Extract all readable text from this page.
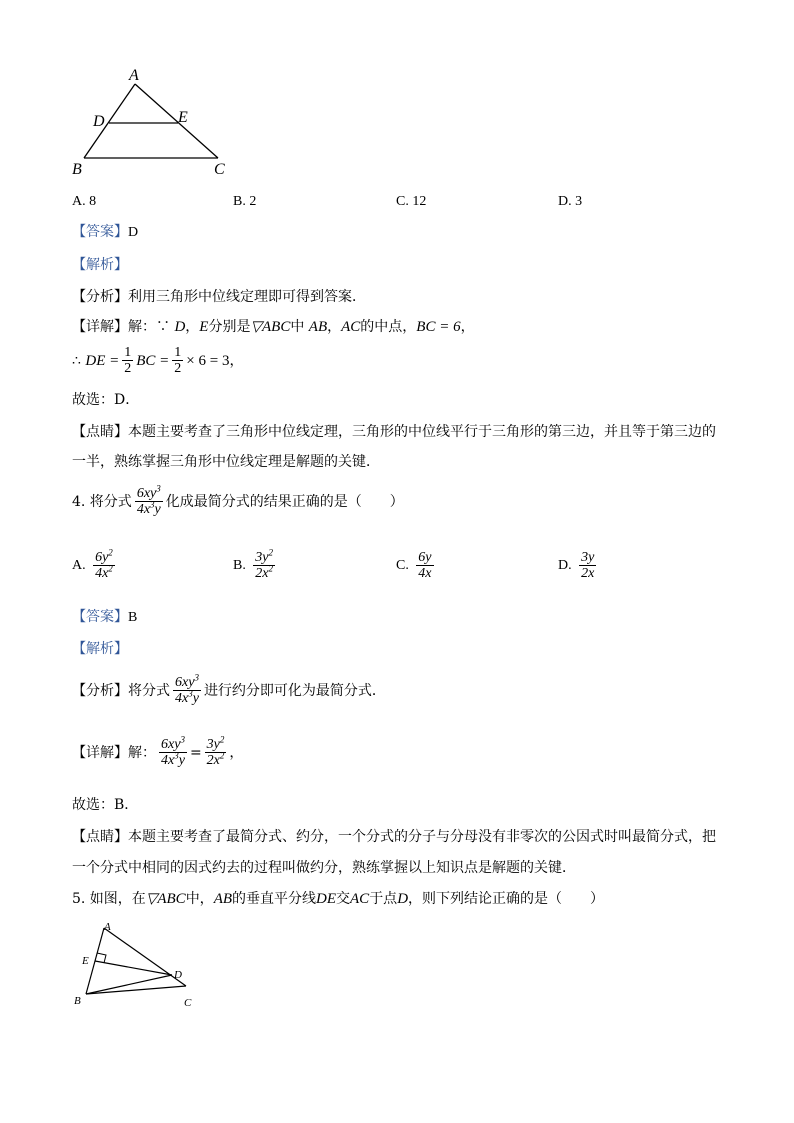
A
D	E
B	C
A. 8	B. 2	C. 12	D. 3
【答案】D
【解析】
【分析】利用三角形中位线定理即可得到答案．
【详解】解：∵ D，E分别是▽ABC中 AB，AC的中点，BC = 6，
∴
DE = $\frac{1}{2}$ BC = $\frac{1}{2} \times 6 = 3$ ，
故选：D．
【点睛】本题主要考查了三角形中位线定理，三角形的中位线平行于三角形的第三边，并且等于第三边的
一半，熟练掌握三角形中位线定理是解题的关键．
4. 将分式 $\frac{6xy^3}{4x^3y}$ 化成最简分式的结果正确的是（　　）
A.
$\frac{6y^2}{4x^2}$	B.
$\frac{3y^2}{2x^2}$	C.
$\frac{6y}{4x}$	D.
$\frac{3y}{2x}$
【答案】B
【解析】
【分析】 将分式 $\frac{6xy^3}{4x^3y}$ 进行约分即可化为最简分式．
【详解】 解： $\frac{6xy^3}{4x^3y} = \frac{3y^2}{2x^2}$ ，
故选：B．
【点睛】本题主要考查了最简分式、约分，一个分式的分子与分母没有非零次的公因式时叫最简分式，把
一个分式中相同的因式约去的过程叫做约分，熟练掌握以上知识点是解题的关键．
5. 如图，在▽ABC中，AB的垂直平分线DE交AC于点D，则下列结论正确的是（　　）
A
E
D
B	C
